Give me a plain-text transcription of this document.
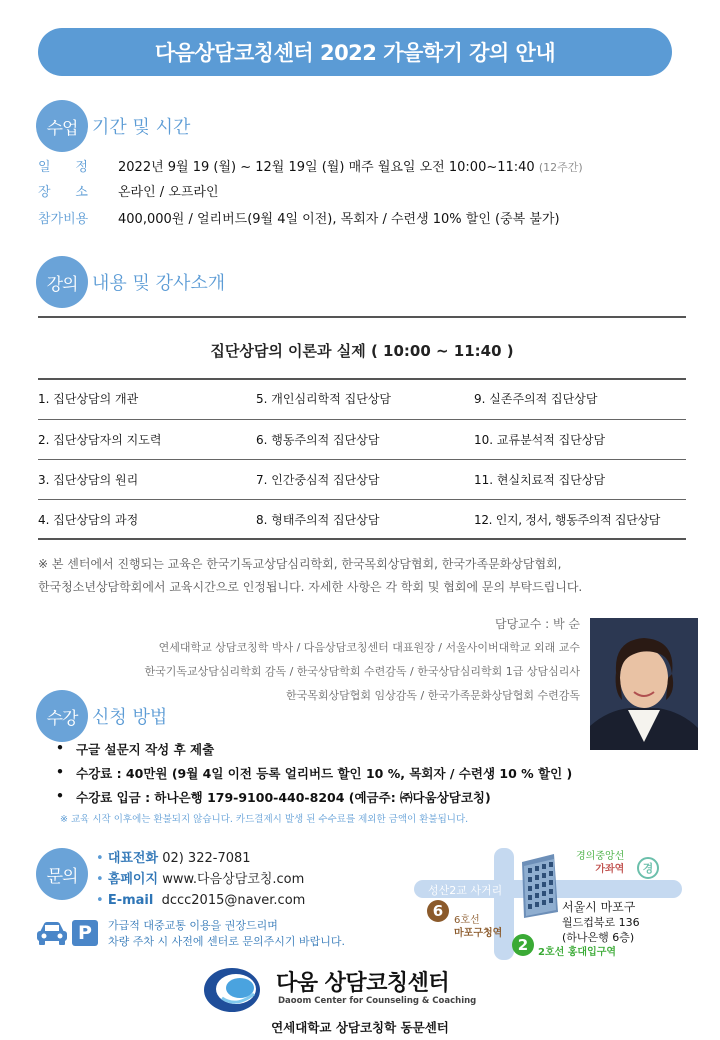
다음상담코칭센터 2022 가을학기 강의 안내
수업 기간 및 시간
일      정	2022년 9월 19 (월) ~ 12월 19일 (월) 매주 월요일 오전 10:00~11:40 (12주간)
장      소	온라인 / 오프라인
참가비용	400,000원 / 얼리버드(9월 4일 이전), 목회자 / 수련생 10% 할인 (중복 불가)
강의 내용 및 강사소개
집단상담의 이론과 실제 ( 10:00 ~ 11:40 )
1. 집단상담의 개관	5. 개인심리학적 집단상담	9. 실존주의적 집단상담
2. 집단상담자의 지도력	6. 행동주의적 집단상담	10. 교류분석적 집단상담
3. 집단상담의 원리	7. 인간중심적 집단상담	11. 현실치료적 집단상담
4. 집단상담의 과정	8. 형태주의적 집단상담	12. 인지, 정서, 행동주의적 집단상담
※ 본 센터에서 진행되는 교육은 한국기독교상담심리학회, 한국목회상담협회, 한국가족문화상담협회,
한국청소년상담학회에서 교육시간으로 인정됩니다. 자세한 사항은 각 학회 및 협회에 문의 부탁드립니다.
담당교수 : 박 순
연세대학교 상담코칭학 박사 / 다음상담코칭센터 대표원장 / 서울사이버대학교 외래 교수
한국기독교상담심리학회 감독 / 한국상담학회 수련감독 / 한국상담심리학회 1급 상담심리사
한국목회상담협회 임상감독 / 한국가족문화상담협회 수련감독
수강 신청 방법
• 구글 설문지 작성 후 제출
• 수강료 : 40만원 (9월 4일 이전 등록 얼리버드 할인 10 %, 목회자 / 수련생 10 % 할인 )
• 수강료 입금 : 하나은행 179-9100-440-8204 (예금주: ㈜다움상담코칭)
※ 교육 시작 이후에는 환불되지 않습니다. 카드결제시 발생 된 수수료를 제외한 금액이 환불됩니다.
문의
• 대표전화 02) 322-7081
• 홈페이지 www.다음상담코칭.com
• E-mail dccc2015@naver.com
P	가급적 대중교통 이용을 권장드리며
차량 주차 시 사전에 센터로 문의주시기 바랍니다.
성산2교 사거리
6
6호선
마포구청역
2 2호선 홍대입구역
경의중앙선
가좌역	경
서울시 마포구
월드컵북로 136
(하나은행 6층)
다움 상담코칭센터
Daoom Center for Counseling & Coaching
연세대학교 상담코칭학 동문센터
